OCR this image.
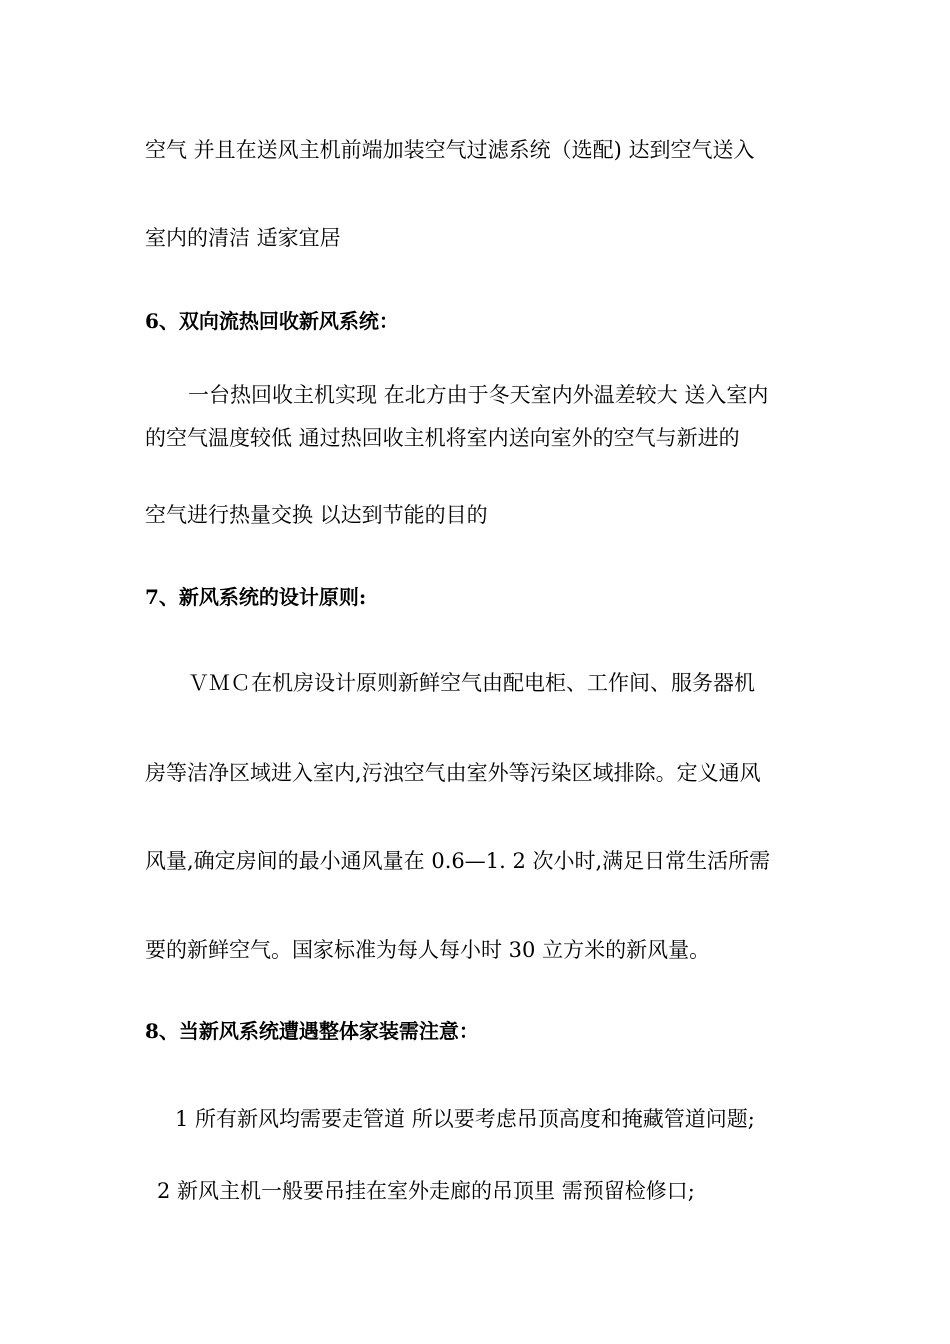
空气 并且在送风主机前端加装空气过滤系统（选配) 达到空气送入
室内的清洁 适家宜居
6、双向流热回收新风系统：
一台热回收主机实现 在北方由于冬天室内外温差较大 送入室内
的空气温度较低 通过热回收主机将室内送向室外的空气与新进的
空气进行热量交换 以达到节能的目的
7、新风系统的设计原则:
ＶＭＣ在机房设计原则新鲜空气由配电柜、工作间、服务器机
房等洁净区域进入室内,污浊空气由室外等污染区域排除。定义通风
风量,确定房间的最小通风量在 0.6—1. 2 次小时,满足日常生活所需
要的新鲜空气。国家标准为每人每小时 30 立方米的新风量。
8、当新风系统遭遇整体家装需注意：
1 所有新风均需要走管道 所以要考虑吊顶高度和掩藏管道问题;
2 新风主机一般要吊挂在室外走廊的吊顶里 需预留检修口;
